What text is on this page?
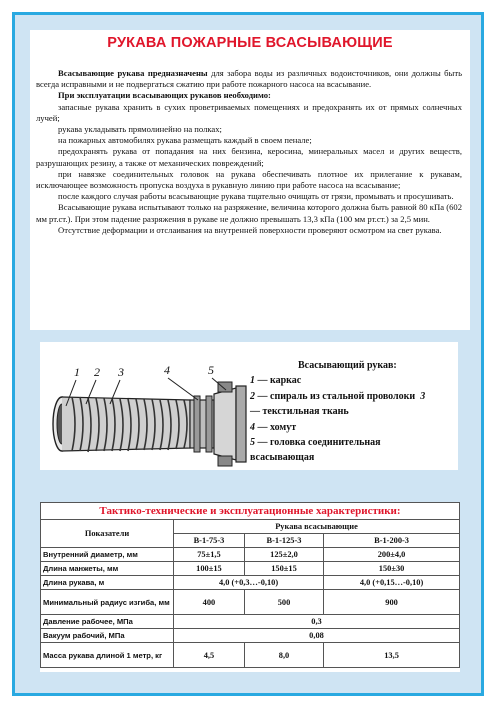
РУКАВА ПОЖАРНЫЕ ВСАСЫВАЮЩИЕ

Всасывающие рукава предназначены для забора воды из различных водоисточников, они должны быть всегда исправными и не подвергаться сжатию при работе пожарного насоса на всасывание.

При эксплуатации всасывающих рукавов необходимо:

запасные рукава хранить в сухих проветриваемых помещениях и предохранять их от прямых солнечных лучей;

рукава укладывать прямолинейно на полках;

на пожарных автомобилях рукава размещать каждый в своем пенале;

предохранять рукава от попадания на них бензина, керосина, минеральных масел и других веществ, разрушающих резину, а также от механических повреждений;

при навязке соединительных головок на рукава обеспечивать плотное их прилегание к рукавам, исключающее возможность пропуска воздуха в рукавную линию при работе насоса на всасывание;

после каждого случая работы всасывающие рукава тщательно очищать от грязи, промывать и просушивать.

Всасывающие рукава испытывают только на разряжение, величина которого должна быть равной 80 кПа (602 мм рт.ст.). При этом падение разряжения в рукаве не должно превышать 13,3 кПа (100 мм рт.ст.) за 2,5 мин.

Отсутствие деформации и отслаивания на внутренней поверхности проверяют осмотром на свет рукава.

1 2 3	4	5	Всасывающий рукав:
1 — каркас
2 — спираль из стальной проволоки 3
— текстильная ткань
4 — хомут
5 — головка соединительная
всасывающая
Тактико-технические и эксплуатационные характеристики:			
Показатели	Рукава всасывающие		
	В-1-75-3	В-1-125-3	В-1-200-3
Внутренний диаметр, мм	75±1,5	125±2,0	200±4,0
Длина манжеты, мм	100±15	150±15	150±30
Длина рукава, м	4,0 (+0,3…-0,10)		4,0 (+0,15…-0,10)
Минимальный радиус изгиба, мм	400	500	900
Давление рабочее, МПа	0,3		
Вакуум рабочий, МПа	0,08		
Масса рукава длиной 1 метр, кг	4,5	8,0	13,5
